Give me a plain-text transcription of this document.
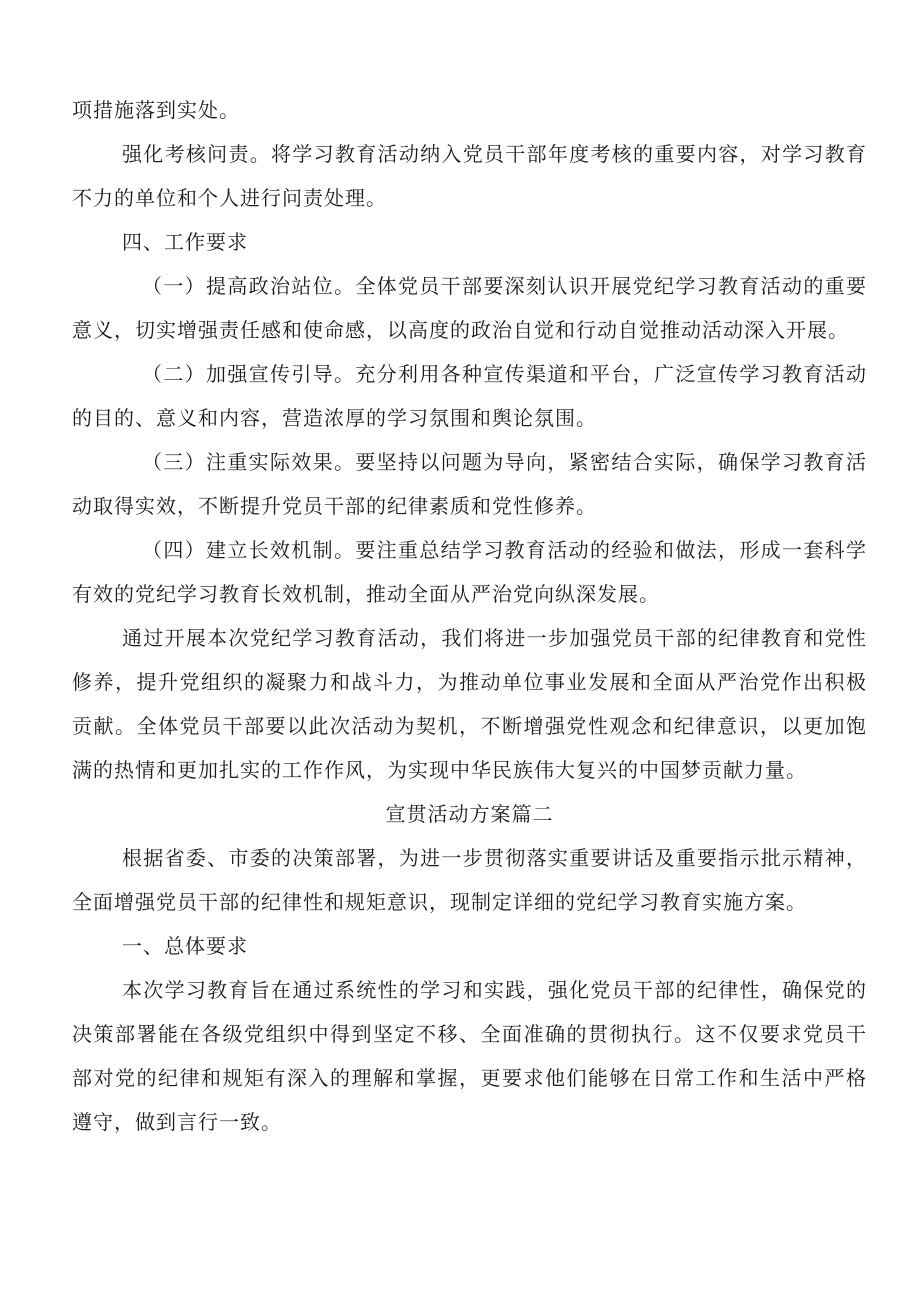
项措施落到实处。

强化考核问责。将学习教育活动纳入党员干部年度考核的重要内容，对学习教育不力的单位和个人进行问责处理。

四、工作要求

（一）提高政治站位。全体党员干部要深刻认识开展党纪学习教育活动的重要意义，切实增强责任感和使命感，以高度的政治自觉和行动自觉推动活动深入开展。

（二）加强宣传引导。充分利用各种宣传渠道和平台，广泛宣传学习教育活动的目的、意义和内容，营造浓厚的学习氛围和舆论氛围。

（三）注重实际效果。要坚持以问题为导向，紧密结合实际，确保学习教育活动取得实效，不断提升党员干部的纪律素质和党性修养。

（四）建立长效机制。要注重总结学习教育活动的经验和做法，形成一套科学有效的党纪学习教育长效机制，推动全面从严治党向纵深发展。

通过开展本次党纪学习教育活动，我们将进一步加强党员干部的纪律教育和党性修养，提升党组织的凝聚力和战斗力，为推动单位事业发展和全面从严治党作出积极贡献。全体党员干部要以此次活动为契机，不断增强党性观念和纪律意识，以更加饱满的热情和更加扎实的工作作风，为实现中华民族伟大复兴的中国梦贡献力量。

宣贯活动方案篇二

根据省委、市委的决策部署，为进一步贯彻落实重要讲话及重要指示批示精神，全面增强党员干部的纪律性和规矩意识，现制定详细的党纪学习教育实施方案。

一、总体要求

本次学习教育旨在通过系统性的学习和实践，强化党员干部的纪律性，确保党的决策部署能在各级党组织中得到坚定不移、全面准确的贯彻执行。这不仅要求党员干部对党的纪律和规矩有深入的理解和掌握，更要求他们能够在日常工作和生活中严格遵守，做到言行一致。
